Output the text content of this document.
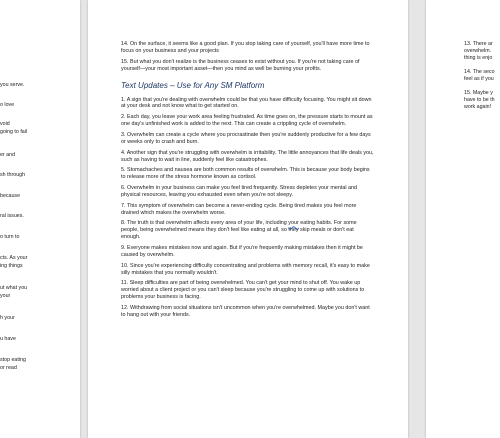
you serve.
o love
void
going to fail
er and
sh through
because
ral issues.
o turn to
cts. As your
ing things
ut what you
your
h your
u have
stop eating
or read

14. On the surface, it seems like a good plan. If you stop taking care of yourself, you'll have more time to focus on your business and your projects

15. But what you don't realize is the business ceases to exist without you. If you're not taking care of yourself—your most important asset—then you mind as well be burning your profits.

Text Updates – Use for Any SM Platform

1. A sign that you're dealing with overwhelm could be that you have difficulty focusing. You might sit down at your desk and not know what to get started on.

2. Each day, you leave your work area feeling frustrated. As time goes on, the pressure starts to mount as one day's unfinished work is added to the next. This can create a crippling cycle of overwhelm.

3. Overwhelm can create a cycle where you procrastinate then you're suddenly productive for a few days or weeks only to crash and burn.

4. Another sign that you're struggling with overwhelm is irritability. The little annoyances that life deals you, such as having to wait in line, suddenly feel like catastrophes.

5. Stomachaches and nausea are both common results of overwhelm. This is because your body begins to release more of the stress hormone known as cortisol.

6. Overwhelm in your business can make you feel tired frequently. Stress depletes your mental and physical resources, leaving you exhausted even when you're not sleepy.

7. This symptom of overwhelm can become a never-ending cycle. Being tired makes you feel more drained which makes the overwhelm worse.

8. The truth is that overwhelm affects every area of your life, including your eating habits. For some people, being overwhelmed means they don't feel like eating at all, so they skip meals or don't eat enough.

9. Everyone makes mistakes now and again. But if you're frequently making mistakes then it might be caused by overwhelm.

10. Since you're experiencing difficulty concentrating and problems with memory recall, it's easy to make silly mistakes that you normally wouldn't.

11. Sleep difficulties are part of being overwhelmed. You can't get your mind to shut off. You wake up worried about a client project or you can't sleep because you're struggling to come up with solutions to problems your business is facing.

12. Withdrawing from social situations isn't uncommon when you're overwhelmed. Maybe you don't want to hang out with your friends.

13. There ar
overwhelm.
thing is enjo
14. The seco
feel as if you
15. Maybe y
have to be th
work again!
